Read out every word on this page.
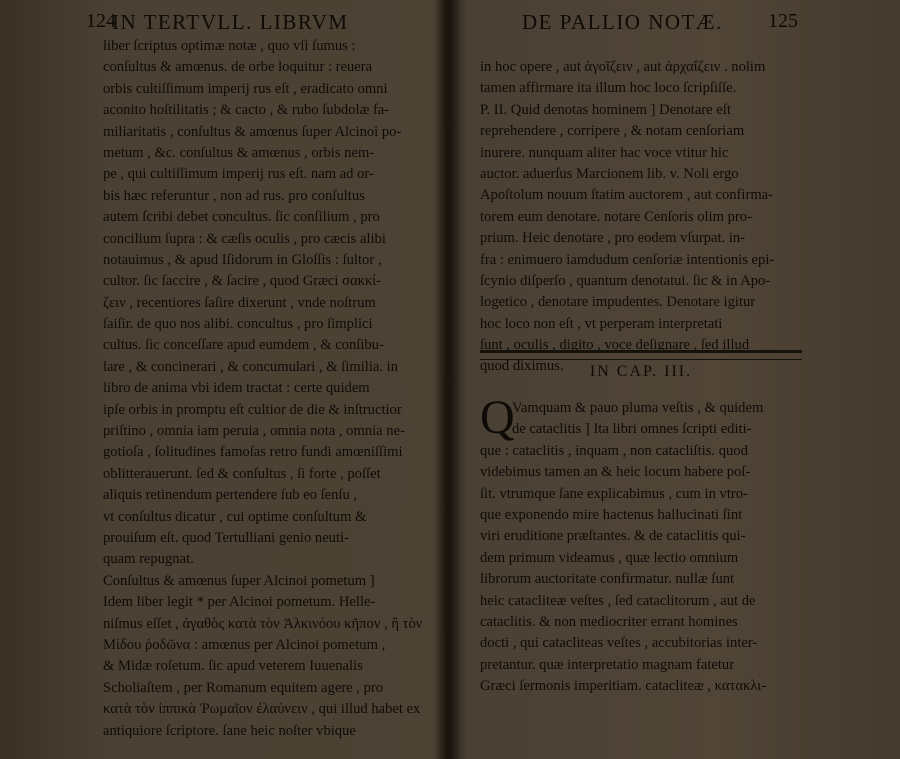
124
IN TERTVLL. LIBRVM
liber ſcriptus optimæ notæ , quo vſi ſumus :
conſultus & amœnus. de orbe loquitur : reuera
orbis cultiſſimum imperij rus eſt , eradicato omni
aconito hoſtilitatis ; & cacto , & rubo ſubdolæ fa-
miliaritatis , conſultus & amœnus ſuper Alcinoi po-
metum , &c. conſultus & amœnus , orbis nem-
pe , qui cultiſſimum imperij rus eſt. nam ad or-
bis hæc referuntur , non ad rus. pro conſultus
autem ſcribi debet concultus. ſic conſilium , pro
concilium ſupra : & cæſis oculis , pro cæcis alibi
notauimus , & apud Iſidorum in Gloſſis : ſultor ,
cultor. ſic ſaccire , & ſacire , quod Græci σακκί-
ζειν , recentiores ſaſire dixerunt , vnde noſtrum
ſaiſir. de quo nos alibi. concultus , pro ſimplici
cultus. ſic conceſſare apud eumdem , & conſibu-
lare , & concinerari , & concumulari , & ſimilia. in
libro de anima vbi idem tractat : certe quidem
ipſe orbis in promptu eſt cultior de die & inſtructior
priſtino , omnia iam peruia , omnia nota , omnia ne-
gotioſa , ſolitudines famoſas retro fundi amœniſſimi
oblitterauerunt. ſed & conſultus , ſi forte , poſſet
aliquis retinendum pertendere ſub eo ſenſu ,
vt conſultus dicatur , cui optime conſultum &
prouiſum eſt. quod Tertulliani genio neuti-
quam repugnat.
Conſultus & amœnus ſuper Alcinoi pometum ]
Idem liber legit * per Alcinoi pometum. Helle-
niſmus eſſet , ἀγαθὸς κατὰ τὸν Ἀλκινόου κῆπον , ἢ τὸν
Μίδου ῥοδῶνα : amœnus per Alcinoi pometum ,
& Midæ roſetum. ſic apud veterem Iuuenalis
Scholiaſtem , per Romanum equitem agere , pro
κατὰ τὸν ἱππικὰ Ῥωμαῖον ἐλαύνειν , qui illud habet ex
antiquiore ſcriptore. ſane heic noſter vbique
DE PALLIO NOTÆ. 125
in hoc opere , aut ἀγοῖζειν , aut ἀρχαΐζειν . nolim
tamen affirmare ita illum hoc loco ſcripſiſſe.
P. II. Quid denotas hominem ] Denotare eſt
reprehendere , corripere , & notam cenſoriam
inurere. nunquam aliter hac voce vtitur hic
auctor. aduerſus Marcionem lib. v. Noli ergo
Apoſtolum nouum ſtatim auctorem , aut confirma-
torem eum denotare. notare Cenſoris olim pro-
prium. Heic denotare , pro eodem vſurpat. in-
fra : enimuero iamdudum cenſoriæ intentionis epi-
ſcynio diſperſo , quantum denotatui. ſic & in Apo-
logetico , denotare impudentes. Denotare igitur
hoc loco non eſt , vt perperam interpretati
ſunt , oculis , digito , voce deſignare , ſed illud
quod diximus.	IN CAP. III.
Q
Vamquam & pauo pluma veſtis , & quidem
de cataclitis ] Ita libri omnes ſcripti editi-
que : cataclitis , inquam , non catacliſtis. quod
videbimus tamen an & heic locum habere poſ-
ſit. vtrumque ſane explicabimus , cum in vtro-
que exponendo mire hactenus hallucinati ſint
viri eruditione præſtantes. & de cataclitis qui-
dem primum videamus , quæ lectio omnium
librorum auctoritate confirmatur. nullæ ſunt
heic catacliteæ veſtes , ſed cataclitorum , aut de
cataclitis. & non mediocriter errant homines
docti , qui catacliteas veſtes , accubitorias inter-
pretantur. quæ interpretatio magnam fatetur
Græci ſermonis imperitiam. catacliteæ , κατακλι-
